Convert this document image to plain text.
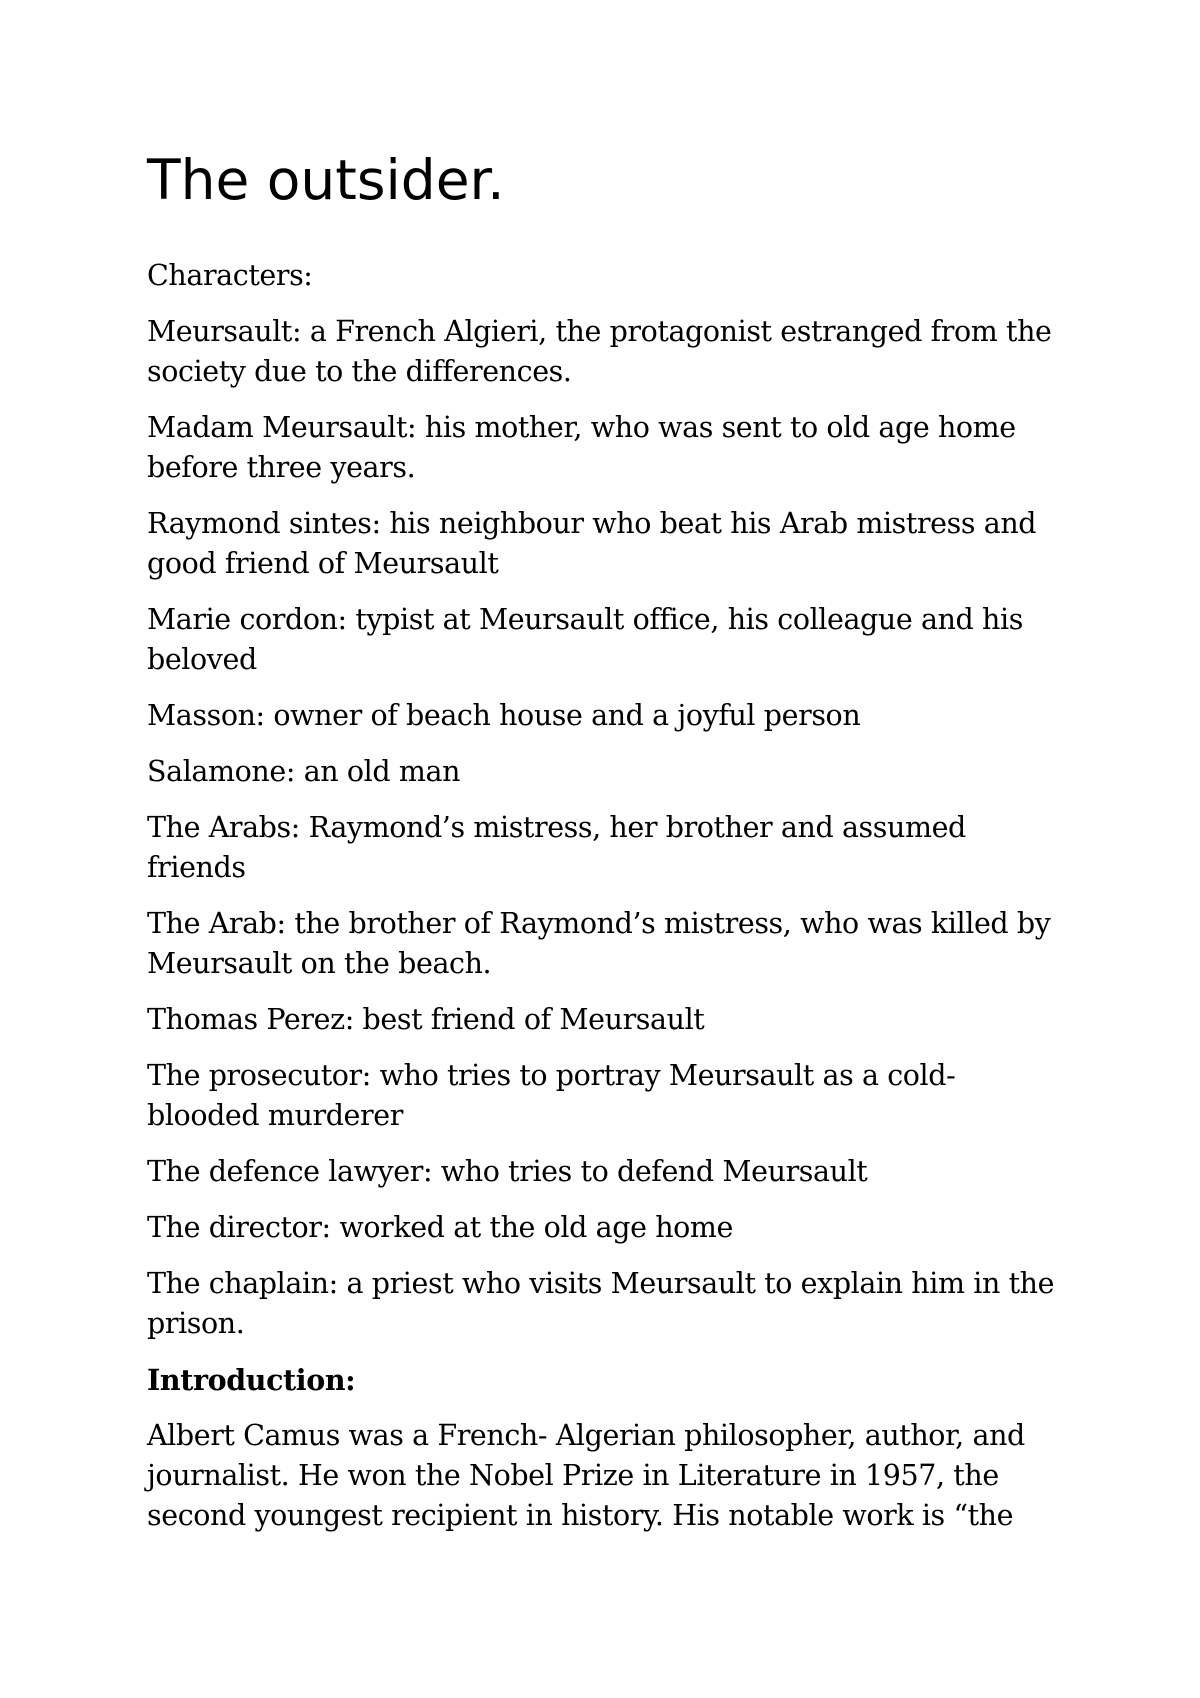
The outsider.

Characters:

Meursault: a French Algieri, the protagonist estranged from the society due to the differences.

Madam Meursault: his mother, who was sent to old age home before three years.

Raymond sintes: his neighbour who beat his Arab mistress and good friend of Meursault

Marie cordon: typist at Meursault office, his colleague and his beloved

Masson: owner of beach house and a joyful person

Salamone: an old man

The Arabs: Raymond’s mistress, her brother and assumed friends

The Arab: the brother of Raymond’s mistress, who was killed by Meursault on the beach.

Thomas Perez: best friend of Meursault

The prosecutor: who tries to portray Meursault as a cold-blooded murderer

The defence lawyer: who tries to defend Meursault

The director: worked at the old age home

The chaplain: a priest who visits Meursault to explain him in the prison.

Introduction:

Albert Camus was a French- Algerian philosopher, author, and journalist. He won the Nobel Prize in Literature in 1957, the second youngest recipient in history. His notable work is “the
